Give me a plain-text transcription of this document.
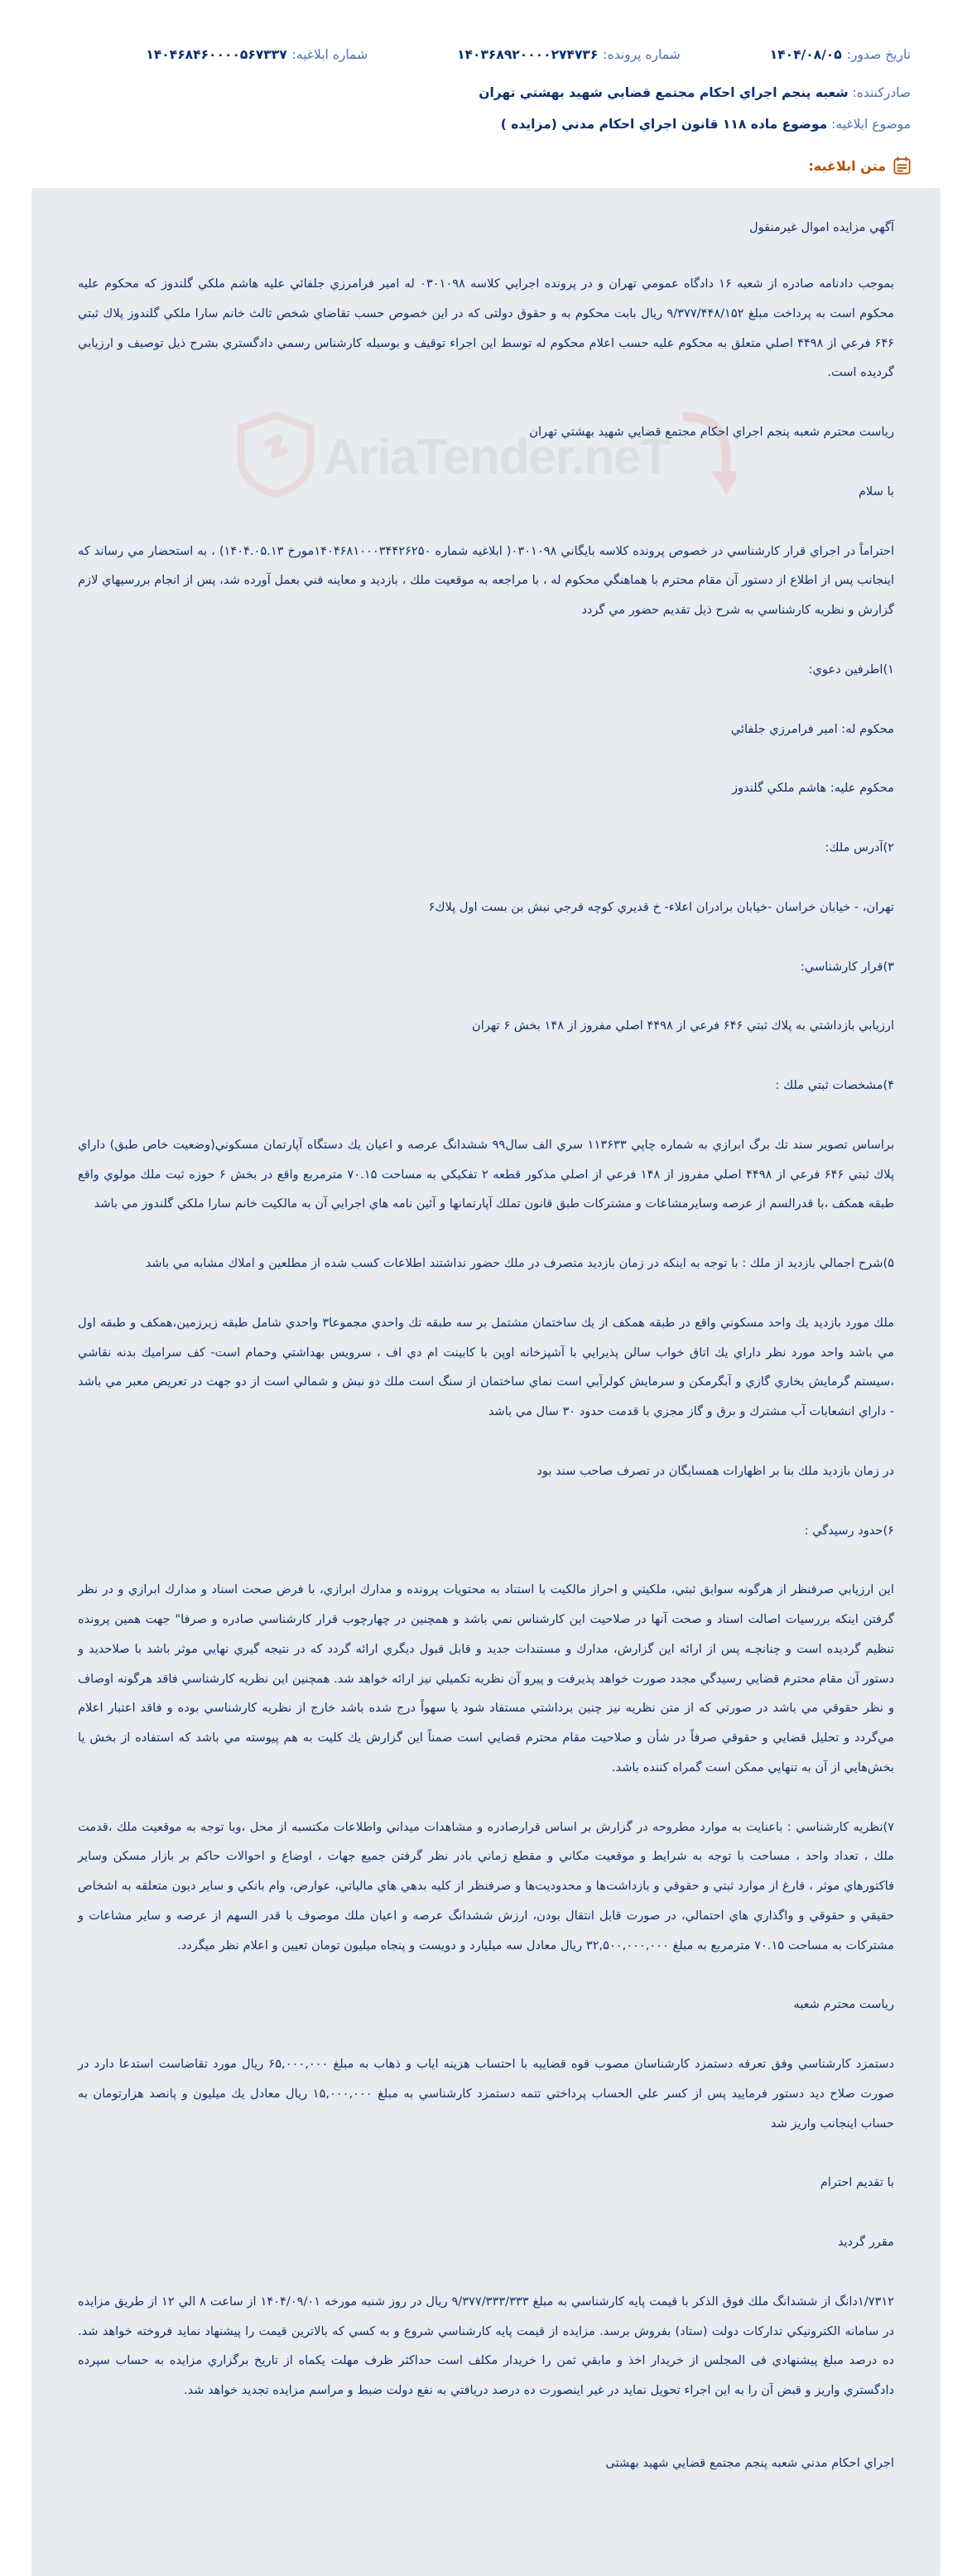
تاریخ صدور:
۱۴۰۴/۰۸/۰۵
شماره پرونده:
۱۴۰۳۶۸۹۲۰۰۰۰۲۷۴۷۳۶
شماره ابلاغیه:
۱۴۰۴۶۸۴۶۰۰۰۰۵۶۷۳۳۷
صادرکننده: شعبه پنجم اجراي احکام مجتمع قضايي شهید بهشتي تهران
موضوع ابلاغیه: موضوع ماده ۱۱۸ قانون اجراي احکام مدني (مزایده )
متن ابلاغیه:
AriaTender.neT

آگهي مزایده اموال غیرمنقول

بموجب دادنامه صادره از شعبه ۱۶ دادگاه عمومي تهران و در پرونده اجرايي کلاسه ۰۳۰۱۰۹۸ له امیر فرامرزي جلفائي علیه هاشم ملکي گلندوز که محکوم علیه محکوم است به پرداخت مبلغ ۹/۳۷۷/۴۴۸/۱۵۲ ریال بابت محکوم به و حقوق دولتی که در این خصوص حسب تقاضاي شخص ثالث خانم سارا ملکي گلندوز پلاك ثبتي ۶۴۶ فرعي از ۴۴۹۸ اصلي متعلق به محکوم علیه حسب اعلام محکوم له توسط این اجراء توقیف و بوسیله کارشناس رسمي دادگستري بشرح ذیل توصیف و ارزیابي گردیده است.

ریاست محترم شعبه پنجم اجراي احکام مجتمع قضايي شهید بهشتي تهران

با سلام

احتراماً در اجراي قرار کارشناسي در خصوص پرونده کلاسه بایگاني ۰۳۰۱۰۹۸( ابلاغیه شماره ۱۴۰۴۶۸۱۰۰۰۳۴۴۲۶۲۵۰مورخ ۱۴۰۴.۰۵.۱۳) ، به استحضار مي رساند که اینجانب پس از اطلاع از دستور آن مقام محترم با هماهنگي محکوم له ، با مراجعه به موقعیت ملك ، بازدید و معاینه فني بعمل آورده شد، پس از انجام بررسیهاي لازم گزارش و نظریه کارشناسي به شرح ذیل تقدیم حضور مي گردد

۱)اطرفین دعوي:

محکوم له: امیر فرامرزي جلفائي

محکوم علیه: هاشم ملکي گلندوز

۲)آدرس ملك:

تهران، - خیابان خراسان -خیابان برادران اعلاء- خ قدیري کوچه فرجي نبش بن بست اول پلاك۶

۳)قرار کارشناسي:

ارزیابي بازداشتي به پلاك ثبتي ۶۴۶ فرعي از ۴۴۹۸ اصلي مفروز از ۱۴۸ بخش ۶ تهران

۴)مشخصات ثبتي ملك :

براساس تصویر سند تك برگ ابرازي به شماره چاپي ۱۱۳۶۳۳ سري الف سال۹۹ ششدانگ عرصه و اعیان یك دستگاه آپارتمان مسکوني(وضعیت خاص طبق) داراي پلاك ثبتي ۶۴۶ فرعي از ۴۴۹۸ اصلي مفروز از ۱۴۸ فرعي از اصلي مذکور قطعه ۲ تفکیکي به مساحت ۷۰.۱۵ مترمربع واقع در بخش ۶ حوزه ثبت ملك مولوي واقع طبقه همکف ،با قدرالسم از عرصه وسایرمشاعات و مشترکات طبق قانون تملك آپارتمانها و آئین نامه هاي اجرايي آن به مالکیت خانم سارا ملکي گلندوز مي باشد

۵)شرح اجمالي بازدید از ملك : با توجه به اینکه در زمان بازدید متصرف در ملك حضور نداشتند اطلاعات کسب شده از مطلعین و املاك مشابه مي باشد

ملك مورد بازدید یك واحد مسکوني واقع در طبقه همکف از یك ساختمان مشتمل بر سه طبقه تك واحدي مجموعا۳ واحدي شامل طبقه زیرزمین،همکف و طبقه اول مي باشد واحد مورد نظر داراي یك اتاق خواب سالن پذیرایي با آشپزخانه اوپن با کابینت ام دي اف ، سرویس بهداشتي وحمام است- کف سرامیك بدنه نقاشي ،سیستم گرمایش بخاري گازي و آبگرمکن و سرمایش کولرآبي است نماي ساختمان از سنگ است ملك دو نبش و شمالي است از دو جهت در تعریض معبر مي باشد - داراي انشعابات آب مشترك و برق و گاز مجزي با قدمت حدود ۳۰ سال مي باشد

در زمان بازدید ملك بنا بر اظهارات همسایگان در تصرف صاحب سند بود

۶)حدود رسیدگي :

این ارزیابي صرفنظر از هرگونه سوابق ثبتي، ملکیتي و احراز مالکیت با استناد به محتویات پرونده و مدارك ابرازي، با فرض صحت اسناد و مدارك ابرازي و در نظر گرفتن اینکه بررسیات اصالت اسناد و صحت آنها در صلاحیت این کارشناس نمي باشد و همچنین در چهارچوب قرار کارشناسي صادره و صرفا" جهت همین پرونده تنظیم گردیده است و چنانچـه پس از ارائه این گزارش، مدارك و مستندات جدید و قابل قبول دیگري ارائه گردد که در نتیجه گیري نهايي موثر باشد با صلاحدید و دستور آن مقام محترم قضايي رسیدگي مجدد صورت خواهد پذیرفت و پیرو آن نظریه تکمیلي نیز ارائه خواهد شد. همچنین این نظریه کارشناسي فاقد هرگونه اوصاف و نظر حقوقي مي باشد در صورتي که از متن نظریه نیز چنین برداشتي مستفاد شود یا سهواً درج شده باشد خارج از نظریه کارشناسي بوده و فاقد اعتبار اعلام مي‌گردد و تحلیل قضايي و حقوقي صرفاً در شأن و صلاحیت مقام محترم قضايي است ضمناً این گزارش یك کلیت به هم پیوسته مي باشد که استفاده از بخش یا بخش‌هایي از آن به تنهايي ممکن است گمراه کننده باشد.

۷)نظریه کارشناسي : باعنایت به موارد مطروحه در گزارش بر اساس قرارصادره و مشاهدات میداني واطلاعات مکتسبه از محل ،وبا توجه به موقعیت ملك ،قدمت ملك ، تعداد واحد ، مساحت با توجه به شرایط و موقعیت مکاني و مقطع زماني بادر نظر گرفتن جمیع جهات ، اوضاع و احوالات حاکم بر بازار مسکن وسایر فاکتورهاي موثر ، فارغ از موارد ثبتي و حقوقي و بازداشت‌ها و محدودیت‌ها و صرفنظر از کلیه بدهي هاي مالیاتي، عوارض، وام بانکي و سایر دیون متعلقه به اشخاص حقیقي و حقوقي و واگذاري هاي احتمالي، در صورت قابل انتقال بودن، ارزش ششدانگ عرصه و اعیان ملك موصوف با قدر السهم از عرصه و سایر مشاعات و مشترکات به مساحت ۷۰.۱۵ مترمربع به مبلغ ۳۲,۵۰۰,۰۰۰,۰۰۰ ریال معادل سه میلیارد و دویست و پنجاه میلیون تومان تعیین و اعلام نظر میگردد.

ریاست محترم شعبه

دستمزد کارشناسي وفق تعرفه دستمزد کارشناسان مصوب قوه قضاییه با احتساب هزینه ایاب و ذهاب به مبلغ ۶۵,۰۰۰,۰۰۰ ریال مورد تقاضاست استدعا دارد در صورت صلاح دید دستور فرمایید پس از کسر علي الحساب پرداختي تتمه دستمزد کارشناسي به مبلغ ۱۵,۰۰۰,۰۰۰ ریال معادل یك میلیون و پانصد هزارتومان به حساب اینجانب واریز شد

با تقدیم احترام

مقرر گردید

۱/۷۳۱۲دانگ از ششدانگ ملك فوق الذکر با قیمت پایه کارشناسي به مبلغ ۹/۳۷۷/۳۳۳/۳۳۳ ریال در روز شنبه مورخه ۱۴۰۴/۰۹/۰۱ از ساعت ۸ الي ۱۲ از طریق مزایده در سامانه الکترونیکي تدارکات دولت (ستاد) بفروش برسد. مزایده از قیمت پایه کارشناسي شروع و به کسي که بالاترین قیمت را پیشنهاد نماید فروخته خواهد شد. ده درصد مبلغ پیشنهادي فی المجلس از خریدار اخذ و مابقي ثمن را خریدار مکلف است حداکثر ظرف مهلت یکماه از تاریخ برگزاري مزایده به حساب سپرده دادگستري واریز و قبض آن را به این اجراء تحویل نماید در غیر اینصورت ده درصد دریافتي به نفع دولت ضبط و مراسم مزایده تجدید خواهد شد.

اجراي احکام مدني شعبه پنجم مجتمع قضايي شهید بهشتی
